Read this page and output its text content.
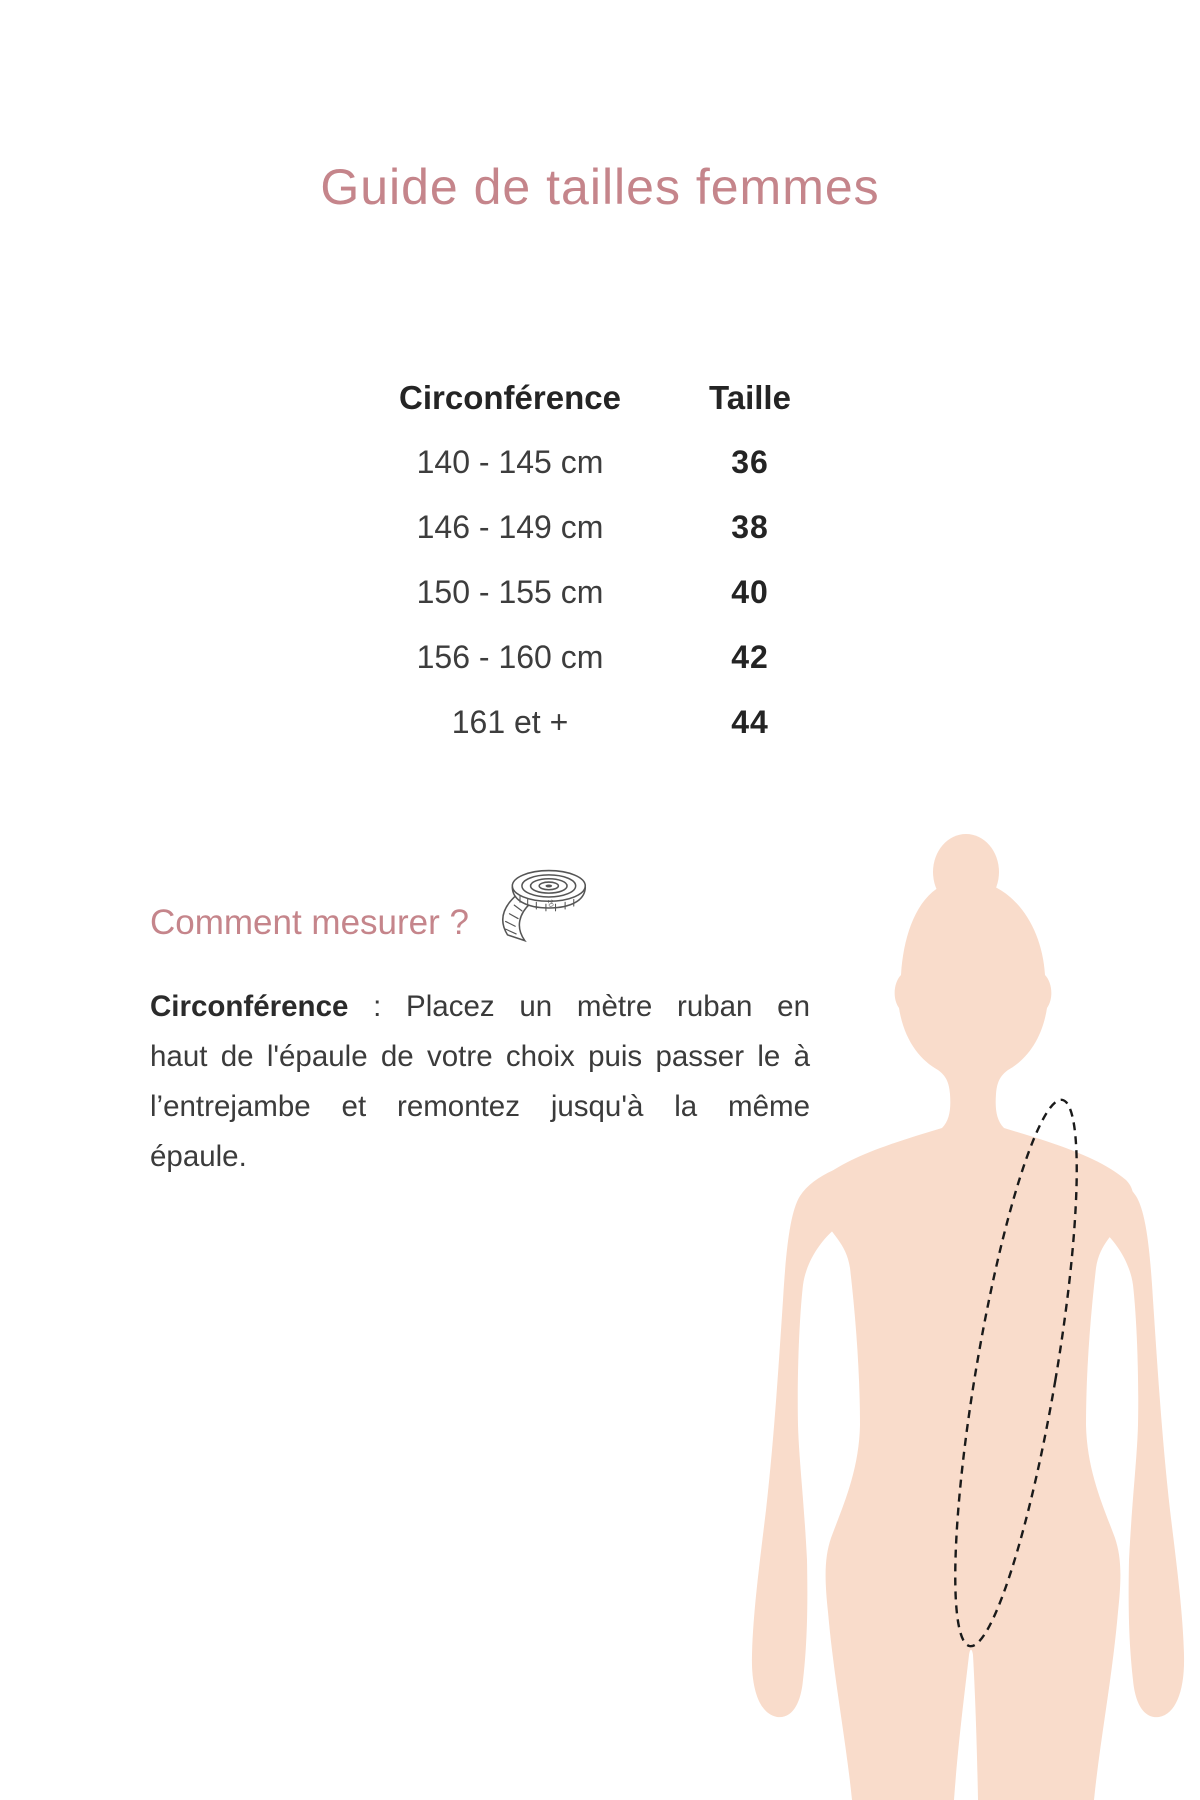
Guide de tailles femmes
Circonférence	Taille
140 - 145 cm	36
146 - 149 cm	38
150 - 155 cm	40
156 - 160 cm	42
161 et +	44
Comment mesurer ?	20
Circonférence : Placez un mètre ruban en
haut de l'épaule de votre choix puis passer le à
l’entrejambe et remontez jusqu'à la même
épaule.
